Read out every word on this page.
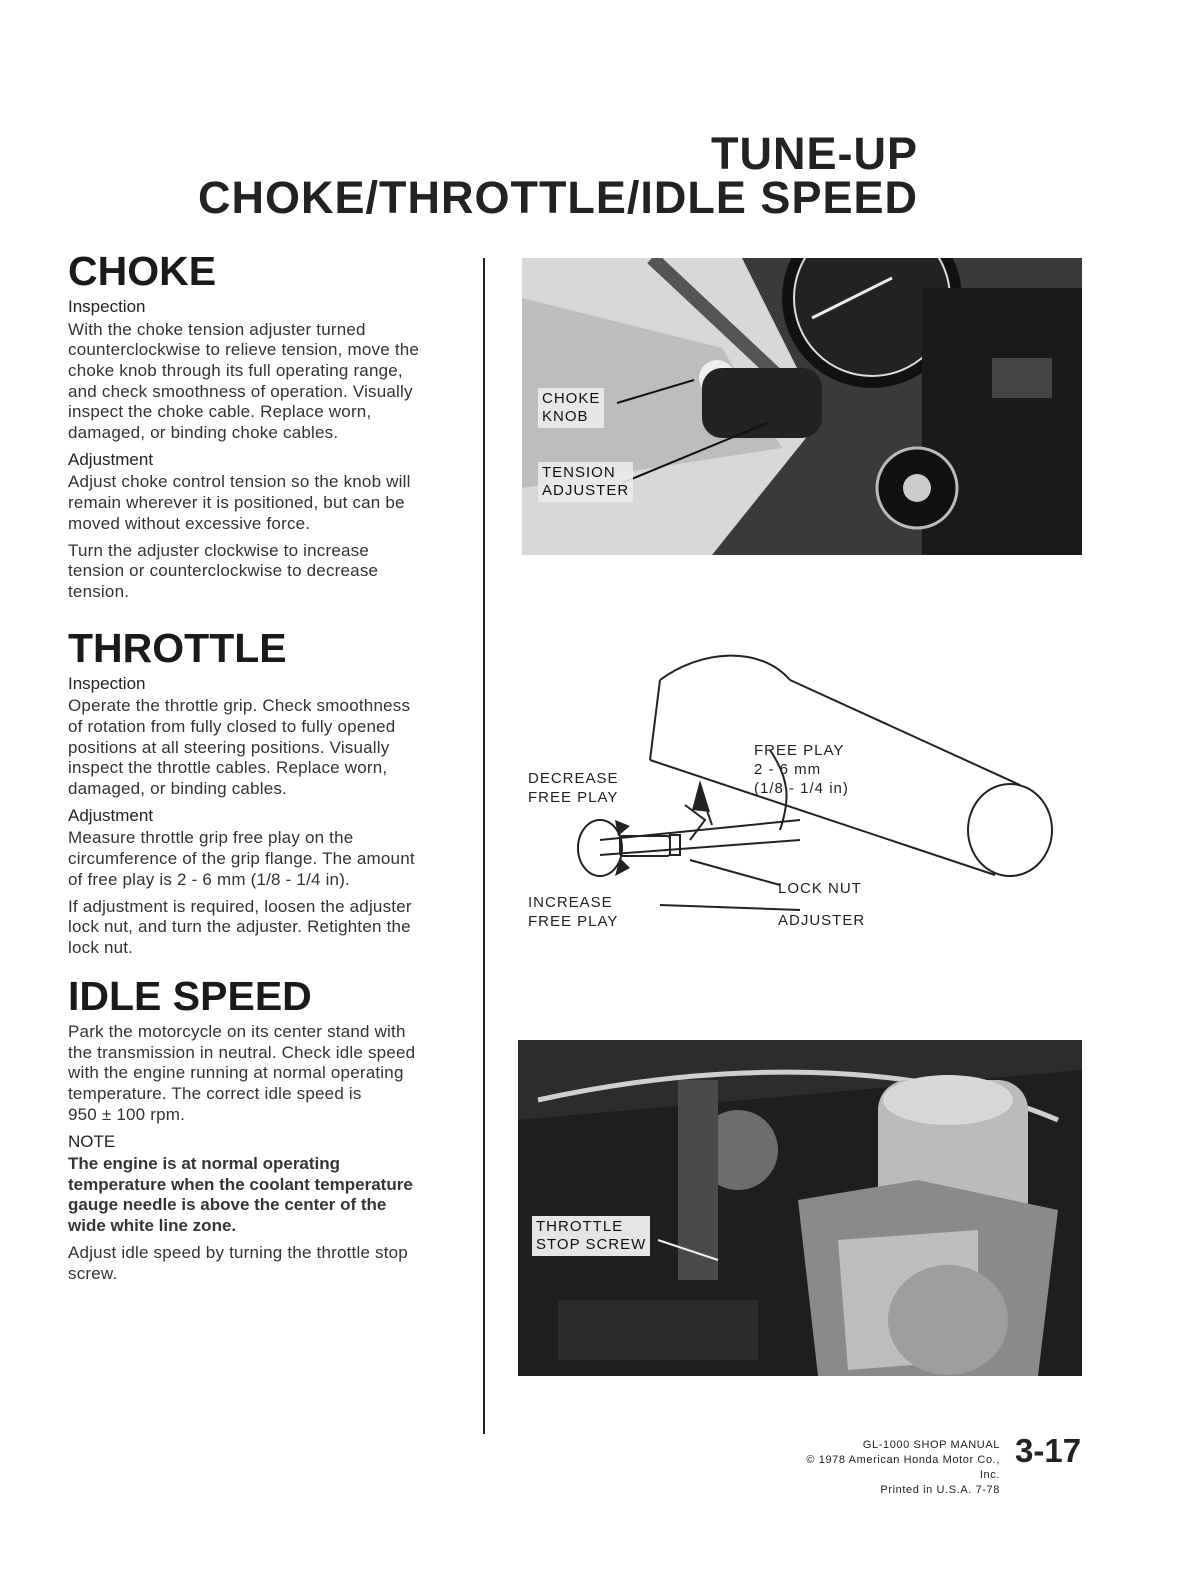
TUNE-UP
CHOKE/THROTTLE/IDLE SPEED
CHOKE

Inspection

With the choke tension adjuster turned counterclockwise to relieve tension, move the choke knob through its full operating range, and check smoothness of operation. Visually inspect the choke cable. Replace worn, damaged, or binding choke cables.

Adjustment

Adjust choke control tension so the knob will remain wherever it is positioned, but can be moved without excessive force.

Turn the adjuster clockwise to increase tension or counterclockwise to decrease tension.

THROTTLE

Inspection

Operate the throttle grip. Check smoothness of rotation from fully closed to fully opened positions at all steering positions. Visually inspect the throttle cables. Replace worn, damaged, or binding cables.

Adjustment

Measure throttle grip free play on the circumference of the grip flange. The amount of free play is 2 - 6 mm (1/8 - 1/4 in).

If adjustment is required, loosen the adjuster lock nut, and turn the adjuster. Retighten the lock nut.

IDLE SPEED

Park the motorcycle on its center stand with the transmission in neutral. Check idle speed with the engine running at normal operating temperature. The correct idle speed is

950 ± 100 rpm.

NOTE

The engine is at normal operating temperature when the coolant temperature gauge needle is above the center of the wide white line zone.

Adjust idle speed by turning the throttle stop screw.

CHOKE
KNOB
TENSION
ADJUSTER
FREE PLAY
2 - 6 mm
(1/8 - 1/4 in)
DECREASE
FREE PLAY
INCREASE
FREE PLAY
LOCK NUT
ADJUSTER
THROTTLE
STOP SCREW
GL-1000 SHOP MANUAL
© 1978 American Honda Motor Co., Inc.
Printed in U.S.A. 7-78
3-17
